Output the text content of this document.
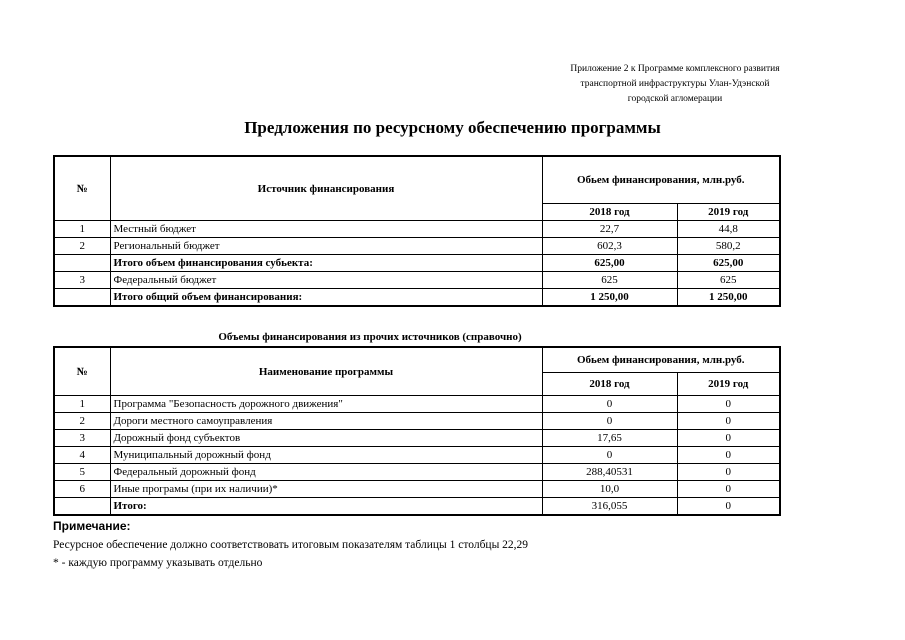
Приложение 2 к Программе комплексного развития
транспортной инфраструктуры Улан-Удэнской
городской агломерации
Предложения по ресурсному обеспечению программы
№	Источник финансирования	Обьем финансирования, млн.руб.	
		2018 год	2019 год
1	Местный бюджет	22,7	44,8
2	Региональный бюджет	602,3	580,2
	Итого объем финансирования субьекта:	625,00	625,00
3	Федеральный бюджет	625	625
	Итого общий объем финансирования:	1 250,00	1 250,00
Объемы финансирования из прочих источников (справочно)
№	Наименование программы	Обьем финансирования, млн.руб.	
		2018 год	2019 год
1	Программа "Безопасность дорожного движения"	0	0
2	Дороги местного самоуправления	0	0
3	Дорожный фонд субъектов	17,65	0
4	Муниципальный дорожный фонд	0	0
5	Федеральный дорожный фонд	288,40531	0
6	Иные програмы (при их наличии)*	10,0	0
	Итого:	316,055	0
Примечание:
Ресурсное обеспечение должно соответствовать итоговым показателям таблицы 1 столбцы 22,29
* - каждую программу указывать отдельно
